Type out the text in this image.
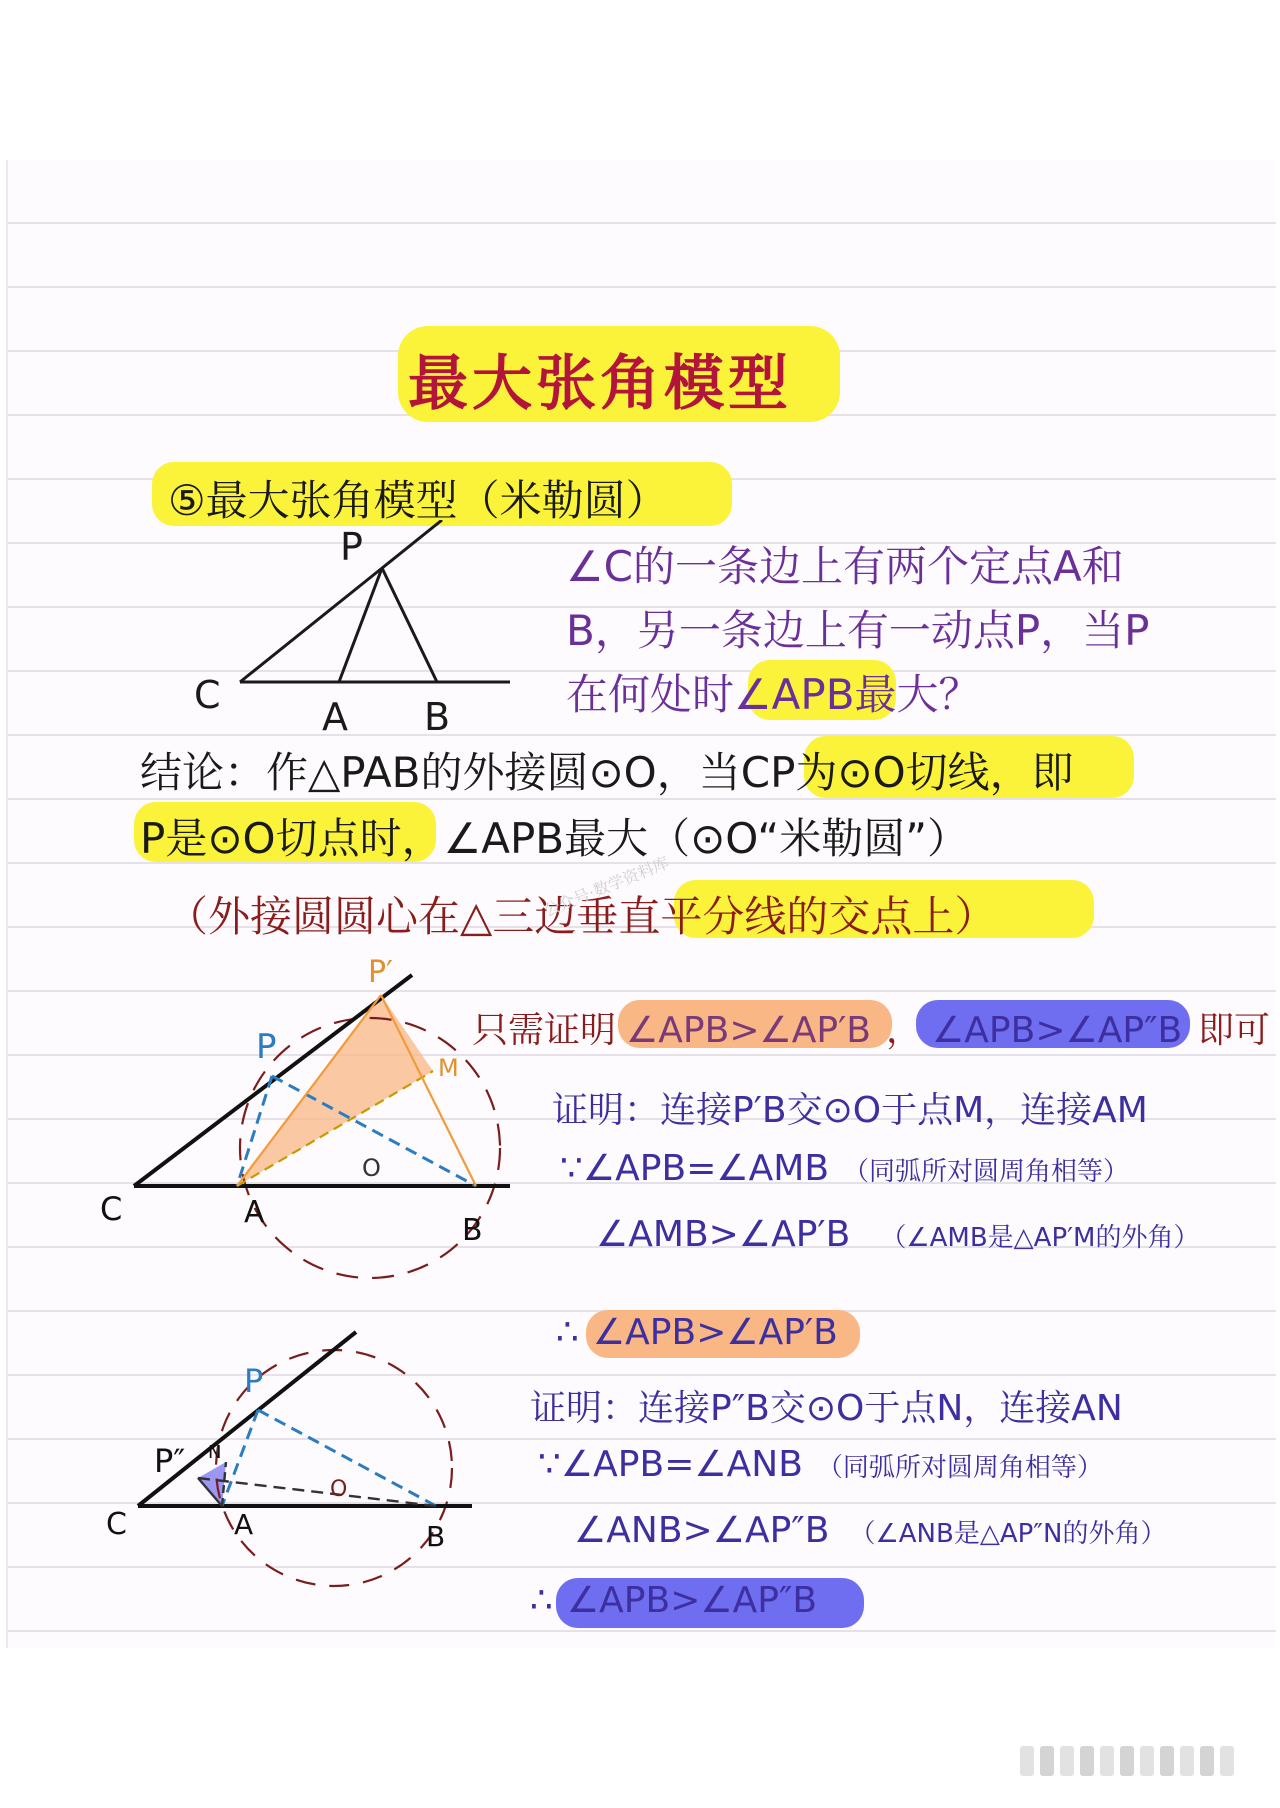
最大张角模型
⑤最大张角模型（米勒圆）
P
C	A B
∠C的一条边上有两个定点A和
B，另一条边上有一动点P，当P
在何处时∠APB最大？
结论：作△PAB的外接圆⊙O，当CP为⊙O切线，即
P是⊙O切点时，∠APB最大（⊙O“米勒圆”）
（外接圆圆心在△三边垂直平分线的交点上）
公众号·数学资料库
P′
P
M
O
C	A
B
只需证明 ∠APB>∠AP′B ， ∠APB>∠AP″B 即可
证明：连接P′B交⊙O于点M，连接AM
∵∠APB=∠AMB （同弧所对圆周角相等）
∠AMB>∠AP′B （∠AMB是△AP′M的外角）
∴ ∠APB>∠AP′B
P
P″ N
O
C	A	B
证明：连接P″B交⊙O于点N，连接AN
∵∠APB=∠ANB （同弧所对圆周角相等）
∠ANB>∠AP″B （∠ANB是△AP″N的外角）
∴ ∠APB>∠AP″B
